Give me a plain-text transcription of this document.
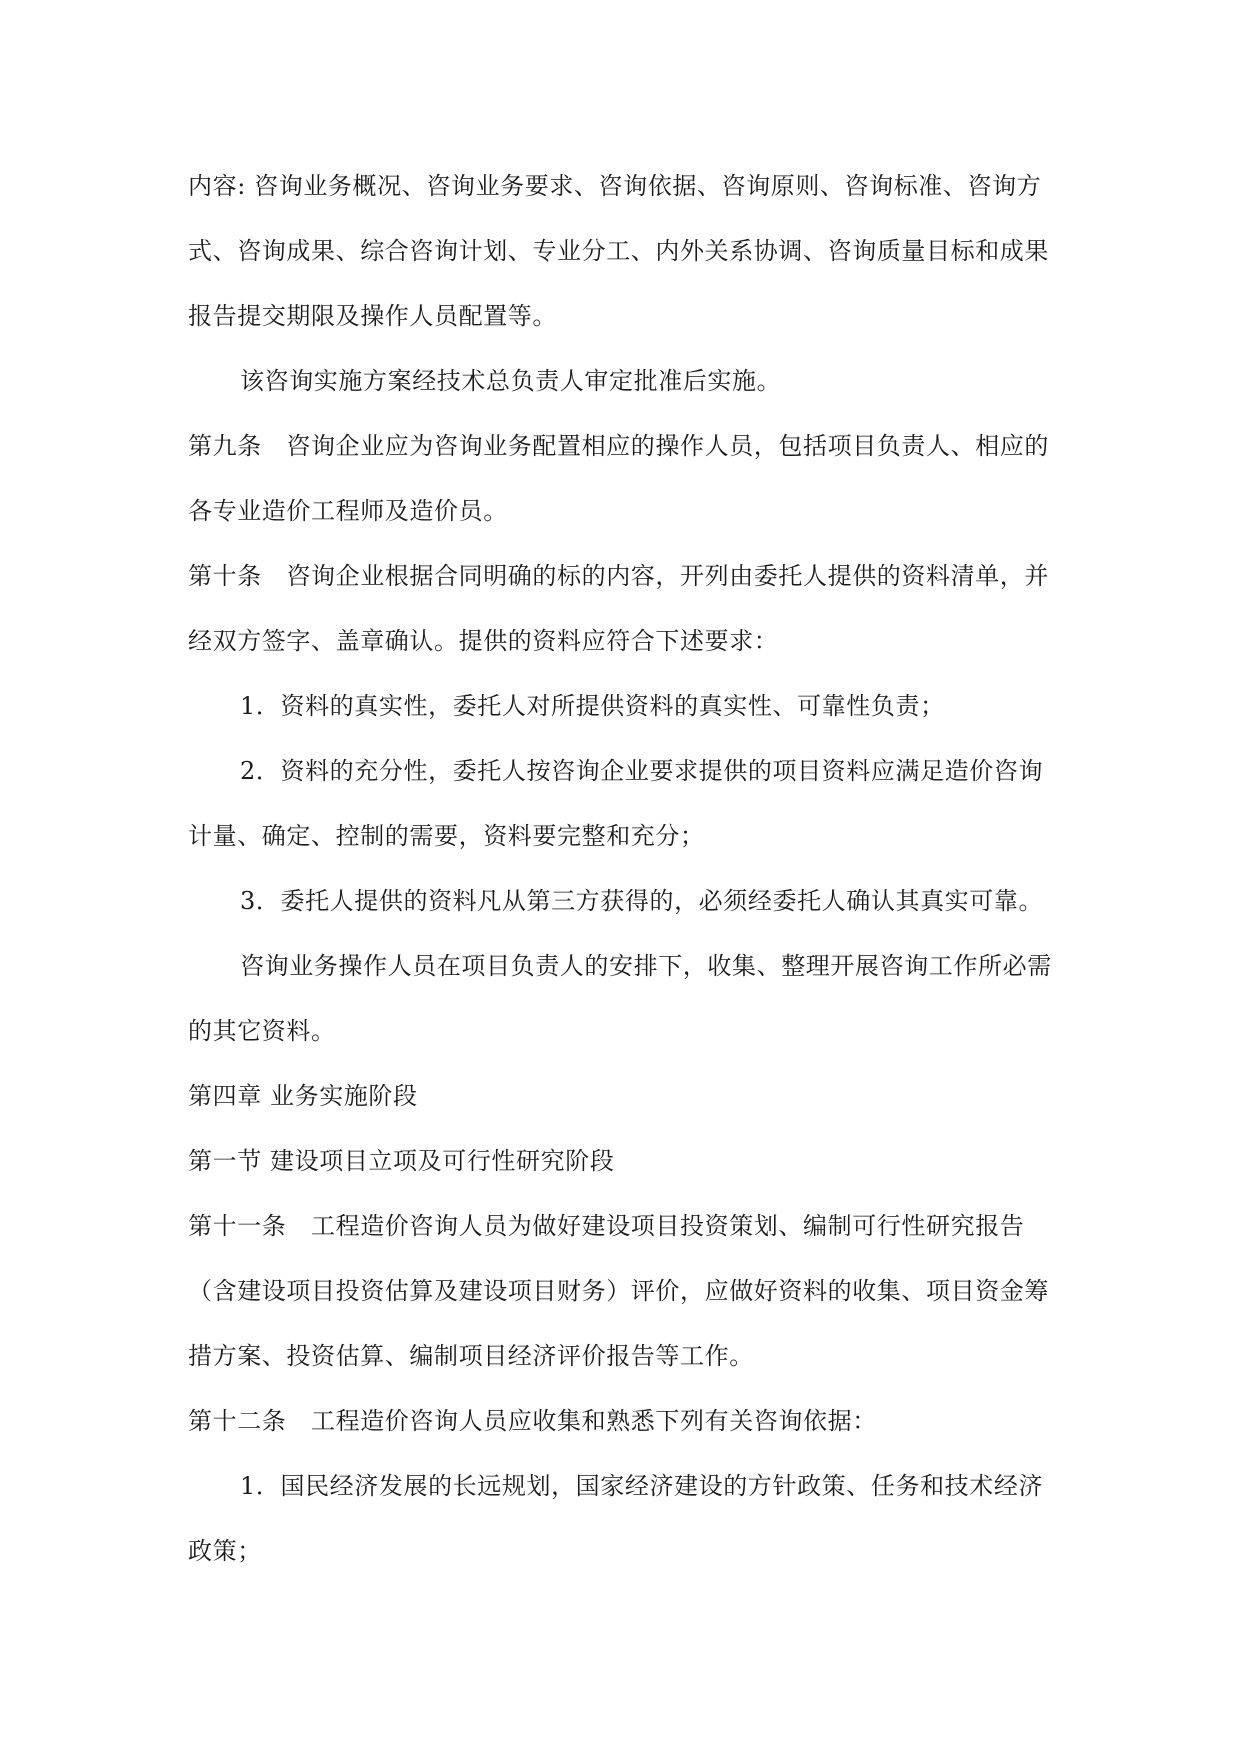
内容: 咨询业务概况、咨询业务要求、咨询依据、咨询原则、咨询标准、咨询方
式、咨询成果、综合咨询计划、专业分工、内外关系协调、咨询质量目标和成果
报告提交期限及操作人员配置等。
该咨询实施方案经技术总负责人审定批准后实施。
第九条　咨询企业应为咨询业务配置相应的操作人员，包括项目负责人、相应的
各专业造价工程师及造价员。
第十条　咨询企业根据合同明确的标的内容，开列由委托人提供的资料清单，并
经双方签字、盖章确认。提供的资料应符合下述要求：
1．资料的真实性，委托人对所提供资料的真实性、可靠性负责；
2．资料的充分性，委托人按咨询企业要求提供的项目资料应满足造价咨询
计量、确定、控制的需要，资料要完整和充分；
3．委托人提供的资料凡从第三方获得的，必须经委托人确认其真实可靠。
咨询业务操作人员在项目负责人的安排下，收集、整理开展咨询工作所必需
的其它资料。
第四章 业务实施阶段
第一节 建设项目立项及可行性研究阶段
第十一条　工程造价咨询人员为做好建设项目投资策划、编制可行性研究报告
（含建设项目投资估算及建设项目财务）评价，应做好资料的收集、项目资金筹
措方案、投资估算、编制项目经济评价报告等工作。
第十二条　工程造价咨询人员应收集和熟悉下列有关咨询依据：
1．国民经济发展的长远规划，国家经济建设的方针政策、任务和技术经济
政策；
